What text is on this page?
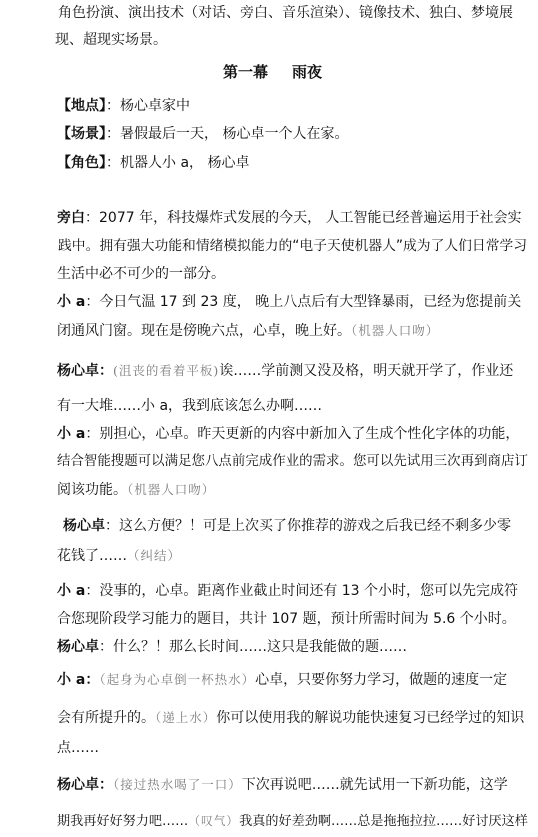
角色扮演、演出技术（对话、旁白、音乐渲染）、镜像技术、独白、梦境展
现、超现实场景。
第一幕 雨夜
【地点】：杨心卓家中
【场景】：暑假最后一天， 杨心卓一个人在家。
【角色】：机器人小 a， 杨心卓
旁白：2077 年，科技爆炸式发展的今天， 人工智能已经普遍运用于社会实
践中。拥有强大功能和情绪模拟能力的“电子天使机器人”成为了人们日常学习
生活中必不可少的一部分。
小 a：今日气温 17 到 23 度， 晚上八点后有大型锋暴雨，已经为您提前关
闭通风门窗。现在是傍晚六点，心卓，晚上好。（机器人口吻）
杨心卓：(沮丧的看着平板)诶……学前测又没及格，明天就开学了，作业还
有一大堆……小 a，我到底该怎么办啊……
小 a：别担心，心卓。昨天更新的内容中新加入了生成个性化字体的功能，
结合智能搜题可以满足您八点前完成作业的需求。您可以先试用三次再到商店订
阅该功能。（机器人口吻）
杨心卓：这么方便？！可是上次买了你推荐的游戏之后我已经不剩多少零
花钱了……（纠结）
小 a：没事的，心卓。距离作业截止时间还有 13 个小时，您可以先完成符
合您现阶段学习能力的题目，共计 107 题，预计所需时间为 5.6 个小时。
杨心卓：什么？！那么长时间……这只是我能做的题……
小 a：（起身为心卓倒一杯热水）心卓，只要你努力学习，做题的速度一定
会有所提升的。（递上水）你可以使用我的解说功能快速复习已经学过的知识
点……
杨心卓：（接过热水喝了一口）下次再说吧……就先试用一下新功能，这学
期我再好好努力吧……（叹气）我真的好差劲啊……总是拖拖拉拉……好讨厌这样
